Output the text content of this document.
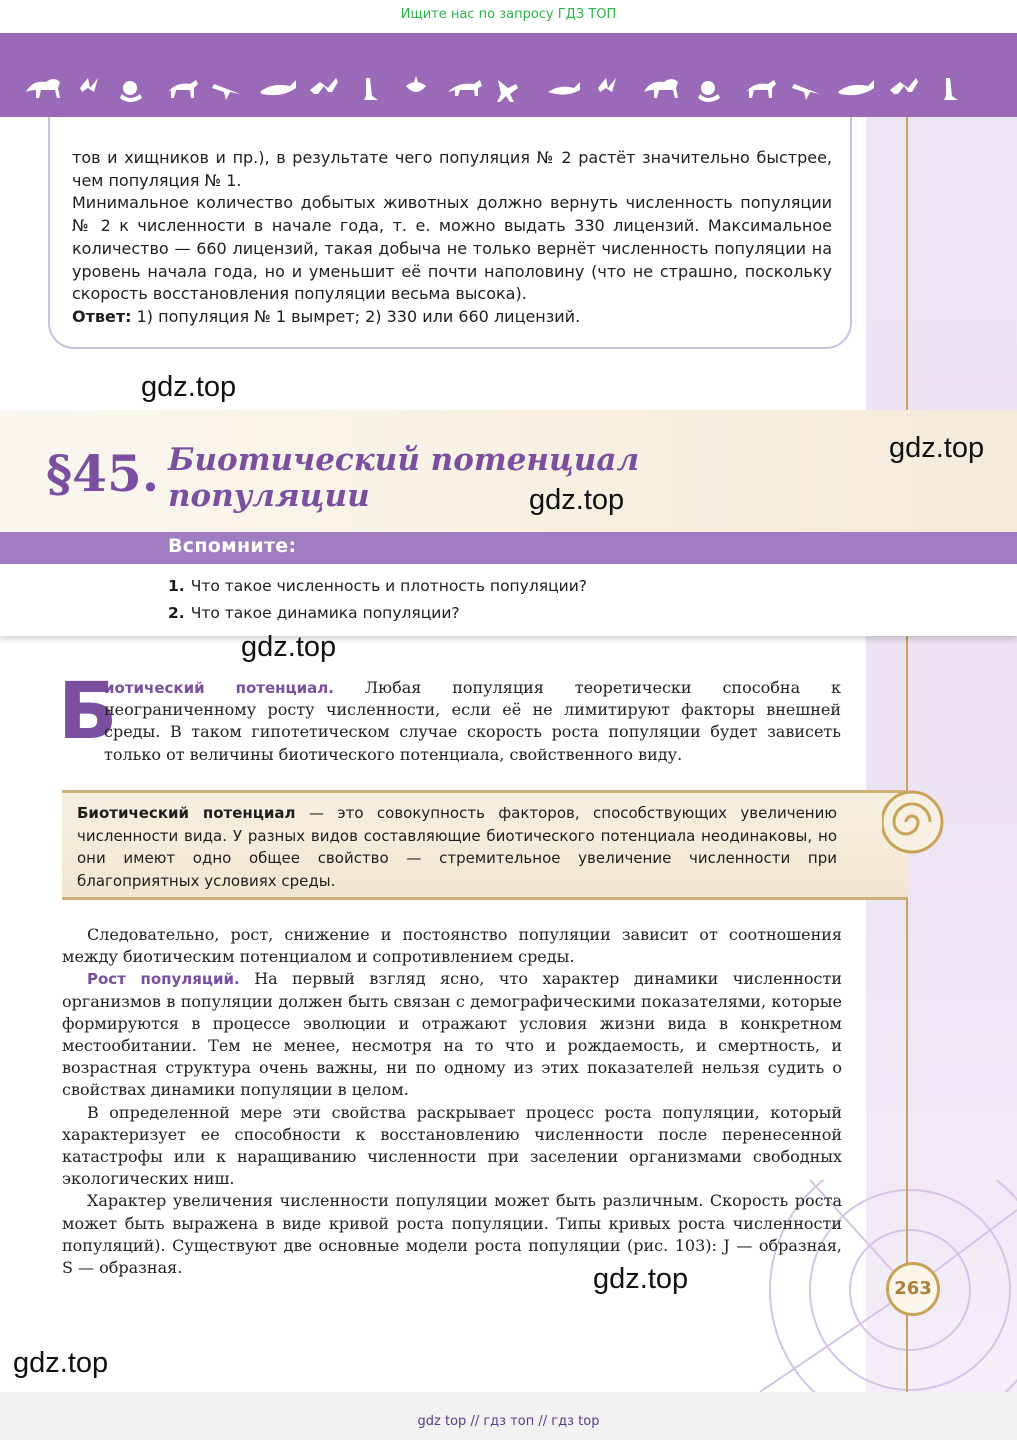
Ищите нас по запросу ГДЗ ТОП
тов и хищников и пр.), в результате чего популяция № 2 растёт значительно быстрее, чем популяция № 1.
Минимальное количество добытых животных должно вернуть численность популяции № 2 к численности в начале года, т. е. можно выдать 330 лицензий. Максимальное количество — 660 лицензий, такая добыча не только вернёт численность популяции на уровень начала года, но и уменьшит её почти наполовину (что не страшно, поскольку скорость восстановления популяции весьма высока).
Ответ: 1) популяция № 1 вымрет; 2) 330 или 660 лицензий.
gdz.top
§45. Биотический потенциал
популяции
gdz.top
gdz.top
Вспомните:
1. Что такое численность и плотность популяции?
2. Что такое динамика популяции?
gdz.top
Б
иотический потенциал. Любая популяция теоретически способна к неограниченному росту численности, если её не лимитируют факторы внешней среды. В таком гипотетическом случае скорость роста популяции будет зависеть только от величины биотического потенциала, свойственного виду.
Биотический потенциал — это совокупность факторов, способствующих увеличению численности вида. У разных видов составляющие биотического потенциала неодинаковы, но они имеют одно общее свойство — стремительное увеличение численности при благоприятных условиях среды.
Следовательно, рост, снижение и постоянство популяции зависит от соотношения между биотическим потенциалом и сопротивлением среды.
Рост популяций. На первый взгляд ясно, что характер динамики численности организмов в популяции должен быть связан с демографическими показателями, которые формируются в процессе эволюции и отражают условия жизни вида в конкретном местообитании. Тем не менее, несмотря на то что и рождаемость, и смертность, и возрастная структура очень важны, ни по одному из этих показателей нельзя судить о свойствах динамики популяции в целом.
В определенной мере эти свойства раскрывает процесс роста популяции, который характеризует ее способности к восстановлению численности после перенесенной катастрофы или к наращиванию численности при заселении организмами свободных экологических ниш.
Характер увеличения численности популяции может быть различным. Скорость роста может быть выражена в виде кривой роста популяции. Типы кривых роста численности популяций). Существуют две основные модели роста популяции (рис. 103): J — образная, S — образная.	gdz.top
gdz.top
263
gdz top // гдз топ // гдз top
